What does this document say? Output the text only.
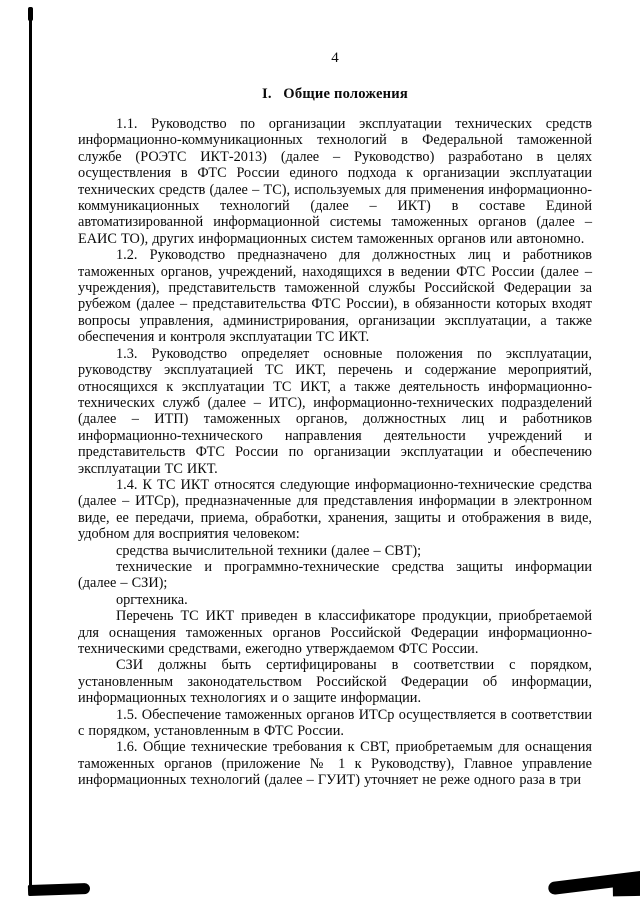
4
I.   Общие положения

1.1. Руководство по организации эксплуатации технических средств информационно-коммуникационных технологий в Федеральной таможенной службе (РОЭТС ИКТ-2013) (далее – Руководство) разработано в целях осуществления в ФТС России единого подхода к организации эксплуатации технических средств (далее – ТС), используемых для применения информационно-коммуникационных технологий (далее – ИКТ) в составе Единой автоматизированной информационной системы таможенных органов (далее – ЕАИС ТО), других информационных систем таможенных органов или автономно.

1.2. Руководство предназначено для должностных лиц и работников таможенных органов, учреждений, находящихся в ведении ФТС России (далее – учреждения), представительств таможенной службы Российской Федерации за рубежом (далее – представительства ФТС России), в обязанности которых входят вопросы управления, администрирования, организации эксплуатации, а также обеспечения и контроля эксплуатации ТС ИКТ.

1.3. Руководство определяет основные положения по эксплуатации, руководству эксплуатацией ТС ИКТ, перечень и содержание мероприятий, относящихся к эксплуатации ТС ИКТ, а также деятельность информационно-технических служб (далее – ИТС), информационно-технических подразделений (далее – ИТП) таможенных органов, должностных лиц и работников информационно-технического направления деятельности учреждений и представительств ФТС России по организации эксплуатации и обеспечению эксплуатации ТС ИКТ.

1.4. К ТС ИКТ относятся следующие информационно-технические средства (далее – ИТСр), предназначенные для представления информации в электронном виде, ее передачи, приема, обработки, хранения, защиты и отображения в виде, удобном для восприятия человеком:

средства вычислительной техники (далее – СВТ);

технические и программно-технические средства защиты информации (далее – СЗИ);

оргтехника.

Перечень ТС ИКТ приведен в классификаторе продукции, приобретаемой для оснащения таможенных органов Российской Федерации информационно-техническими средствами, ежегодно утверждаемом ФТС России.

СЗИ должны быть сертифицированы в соответствии с порядком, установленным законодательством Российской Федерации об информации, информационных технологиях и о защите информации.

1.5. Обеспечение таможенных органов ИТСр осуществляется в соответствии с порядком, установленным в ФТС России.

1.6. Общие технические требования к СВТ, приобретаемым для оснащения таможенных органов (приложение № 1 к Руководству), Главное управление информационных технологий (далее – ГУИТ) уточняет не реже одного раза в три
